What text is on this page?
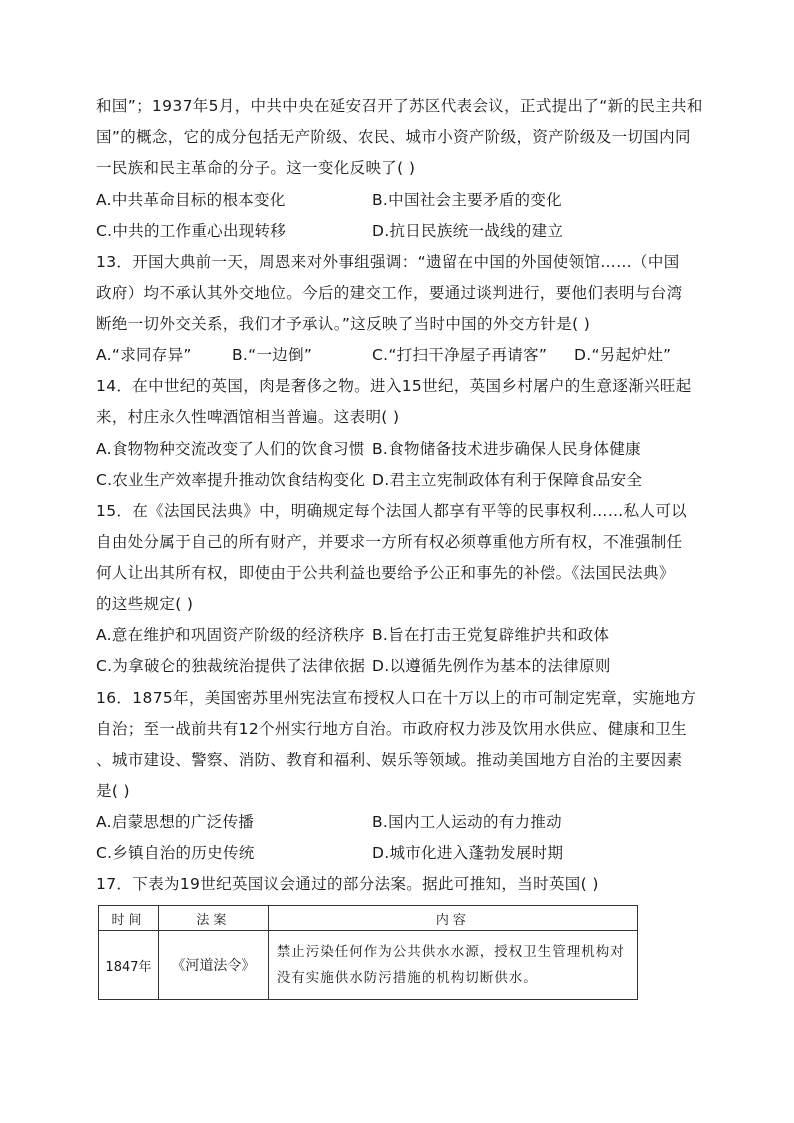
和国”；1937年5月，中共中央在延安召开了苏区代表会议，正式提出了“新的民主共和
国”的概念，它的成分包括无产阶级、农民、城市小资产阶级，资产阶级及一切国内同
一民族和民主革命的分子。这一变化反映了( )
A.中共革命目标的根本变化	B.中国社会主要矛盾的变化
C.中共的工作重心出现转移	D.抗日民族统一战线的建立
13．开国大典前一天，周恩来对外事组强调：“遗留在中国的外国使领馆……（中国
政府）均不承认其外交地位。今后的建交工作，要通过谈判进行，要他们表明与台湾
断绝一切外交关系，我们才予承认。”这反映了当时中国的外交方针是( )
A.“求同存异”	B.“一边倒”	C.“打扫干净屋子再请客” D.“另起炉灶”
14．在中世纪的英国，肉是奢侈之物。进入15世纪，英国乡村屠户的生意逐渐兴旺起
来，村庄永久性啤酒馆相当普遍。这表明( )
A.食物物种交流改变了人们的饮食习惯 B.食物储备技术进步确保人民身体健康
C.农业生产效率提升推动饮食结构变化 D.君主立宪制政体有利于保障食品安全
15．在《法国民法典》中，明确规定每个法国人都享有平等的民事权利……私人可以
自由处分属于自己的所有财产，并要求一方所有权必须尊重他方所有权，不准强制任
何人让出其所有权，即使由于公共利益也要给予公正和事先的补偿。《法国民法典》
的这些规定( )
A.意在维护和巩固资产阶级的经济秩序 B.旨在打击王党复辟维护共和政体
C.为拿破仑的独裁统治提供了法律依据 D.以遵循先例作为基本的法律原则
16．1875年，美国密苏里州宪法宣布授权人口在十万以上的市可制定宪章，实施地方
自治；至一战前共有12个州实行地方自治。市政府权力涉及饮用水供应、健康和卫生
、城市建设、警察、消防、教育和福利、娱乐等领域。推动美国地方自治的主要因素
是( )
A.启蒙思想的广泛传播	B.国内工人运动的有力推动
C.乡镇自治的历史传统	D.城市化进入蓬勃发展时期
17．下表为19世纪英国议会通过的部分法案。据此可推知，当时英国( )
时间	法案	内容
1847年	《河道法令》	禁止污染任何作为公共供水水源，授权卫生管理机构对没有实施供水防污措施的机构切断供水。
